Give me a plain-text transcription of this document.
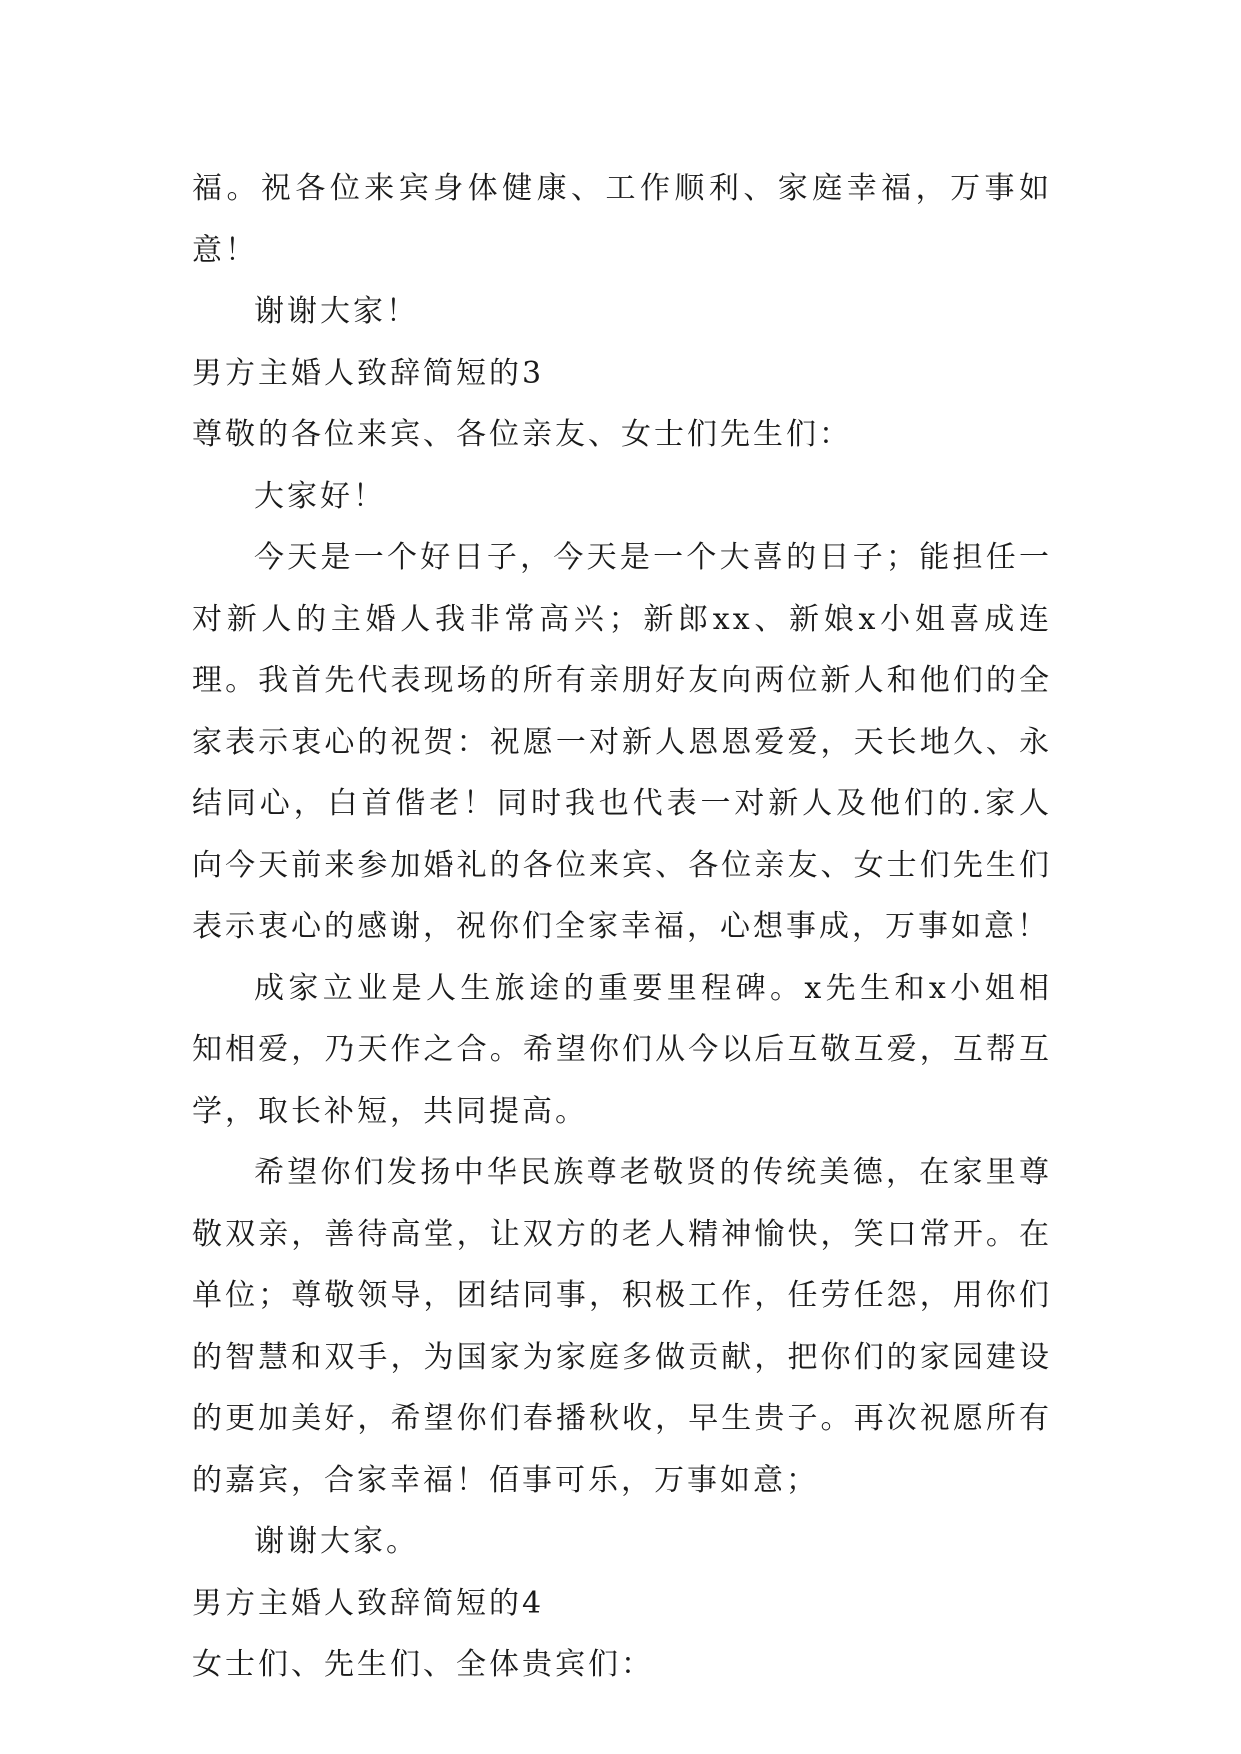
福。祝各位来宾身体健康、工作顺利、家庭幸福，万事如意！

谢谢大家！

男方主婚人致辞简短的3

尊敬的各位来宾、各位亲友、女士们先生们：

大家好！

今天是一个好日子，今天是一个大喜的日子；能担任一对新人的主婚人我非常高兴；新郎xx、新娘x小姐喜成连理。我首先代表现场的所有亲朋好友向两位新人和他们的全家表示衷心的祝贺：祝愿一对新人恩恩爱爱，天长地久、永结同心，白首偕老！同时我也代表一对新人及他们的.家人向今天前来参加婚礼的各位来宾、各位亲友、女士们先生们表示衷心的感谢，祝你们全家幸福，心想事成，万事如意！

成家立业是人生旅途的重要里程碑。x先生和x小姐相知相爱，乃天作之合。希望你们从今以后互敬互爱，互帮互学，取长补短，共同提高。

希望你们发扬中华民族尊老敬贤的传统美德，在家里尊敬双亲，善待高堂，让双方的老人精神愉快，笑口常开。在单位；尊敬领导，团结同事，积极工作，任劳任怨，用你们的智慧和双手，为国家为家庭多做贡献，把你们的家园建设的更加美好，希望你们春播秋收，早生贵子。再次祝愿所有的嘉宾，合家幸福！佰事可乐，万事如意；

谢谢大家。

男方主婚人致辞简短的4

女士们、先生们、全体贵宾们：
